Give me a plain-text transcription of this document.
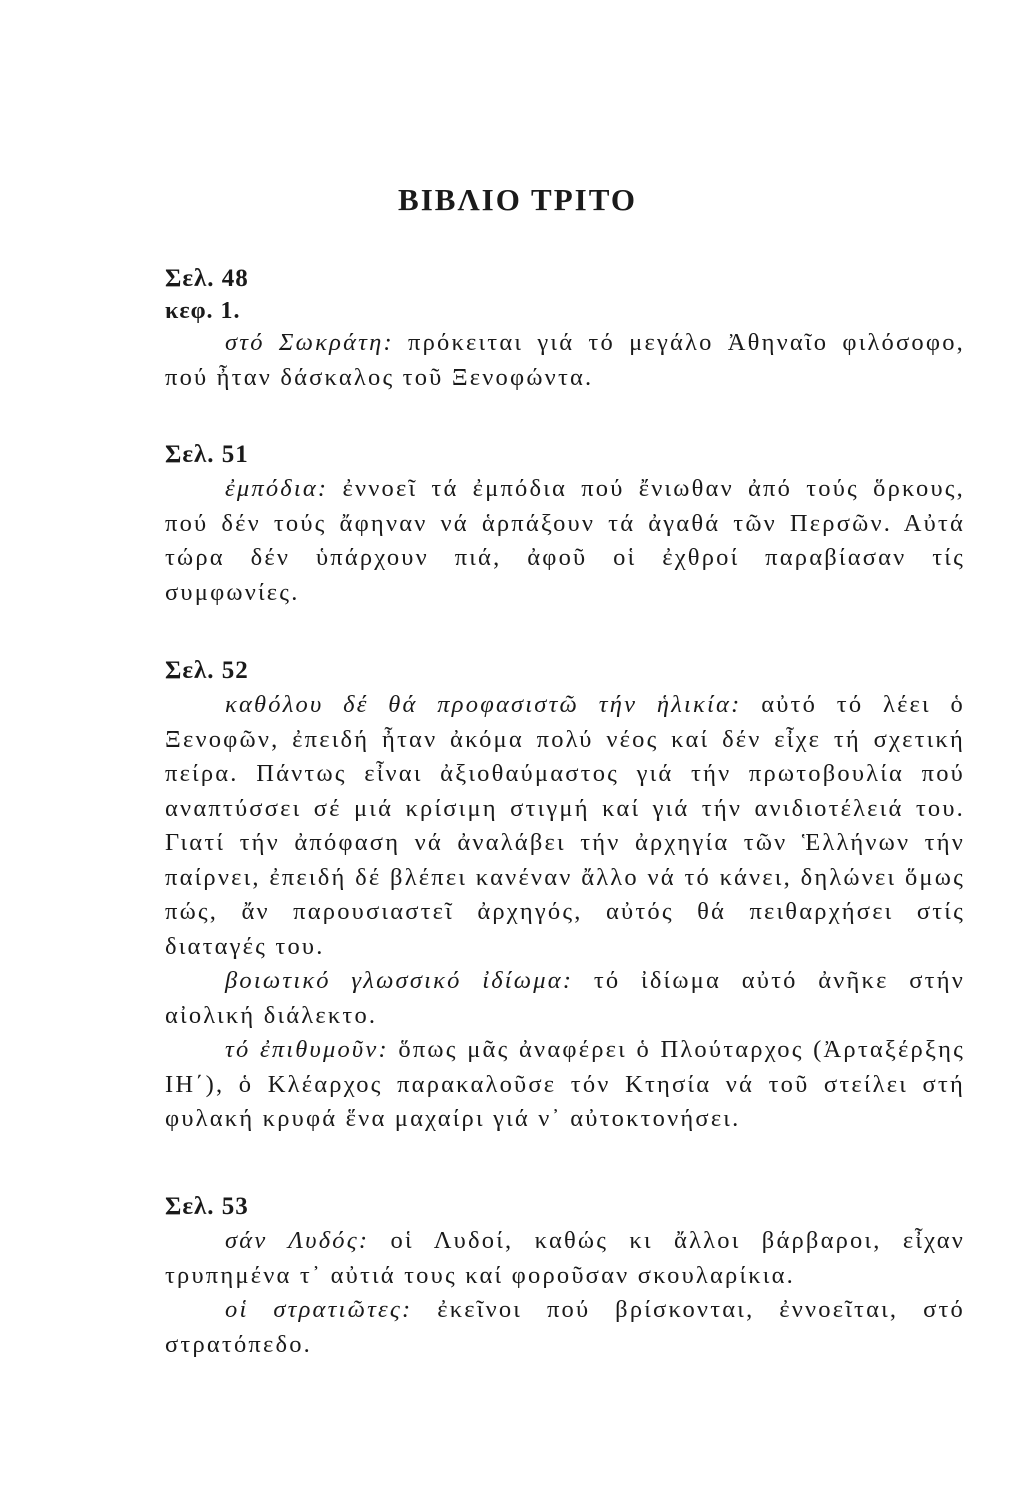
ΒΙΒΛΙΟ ΤΡΙΤΟ
Σελ. 48
κεφ. 1.

στό Σωκράτη: πρόκειται γιά τό μεγάλο Ἀθηναῖο φιλόσοφο, πού ἦταν δάσκαλος τοῦ Ξενοφώντα.

Σελ. 51

ἐμπόδια: ἐννοεῖ τά ἐμπόδια πού ἔνιωθαν ἀπό τούς ὅρκους, πού δέν τούς ἄφηναν νά ἁρπάξουν τά ἀγαθά τῶν Περσῶν. Αὐτά τώρα δέν ὑπάρχουν πιά, ἀφοῦ οἱ ἐχθροί παραβίασαν τίς συμφωνίες.

Σελ. 52

καθόλου δέ θά προφασιστῶ τήν ἡλικία: αὐτό τό λέει ὁ Ξενοφῶν, ἐπειδή ἦταν ἀκόμα πολύ νέος καί δέν εἶχε τή σχετική πείρα. Πάντως εἶναι ἀξιοθαύμαστος γιά τήν πρωτοβουλία πού αναπτύσσει σέ μιά κρίσιμη στιγμή καί γιά τήν ανιδιοτέλειά του. Γιατί τήν ἀπόφαση νά ἀναλάβει τήν ἀρχηγία τῶν Ἑλλήνων τήν παίρνει, ἐπειδή δέ βλέπει κανέναν ἄλλο νά τό κάνει, δηλώνει ὅμως πώς, ἄν παρουσιαστεῖ ἀρχηγός, αὐτός θά πειθαρχήσει στίς διαταγές του.

βοιωτικό γλωσσικό ἰδίωμα: τό ἰδίωμα αὐτό ἀνῆκε στήν αἰολική διάλεκτο.

τό ἐπιθυμοῦν: ὅπως μᾶς ἀναφέρει ὁ Πλούταρχος (Ἀρταξέρξης ΙΗ΄), ὁ Κλέαρχος παρακαλοῦσε τόν Κτησία νά τοῦ στείλει στή φυλακή κρυφά ἕνα μαχαίρι γιά ν᾽ αὐτοκτονήσει.

Σελ. 53

σάν Λυδός: οἱ Λυδοί, καθώς κι ἄλλοι βάρβαροι, εἶχαν τρυπημένα τ᾽ αὐτιά τους καί φοροῦσαν σκουλαρίκια.

οἱ στρατιῶτες: ἐκεῖνοι πού βρίσκονται, ἐννοεῖται, στό στρατόπεδο.
